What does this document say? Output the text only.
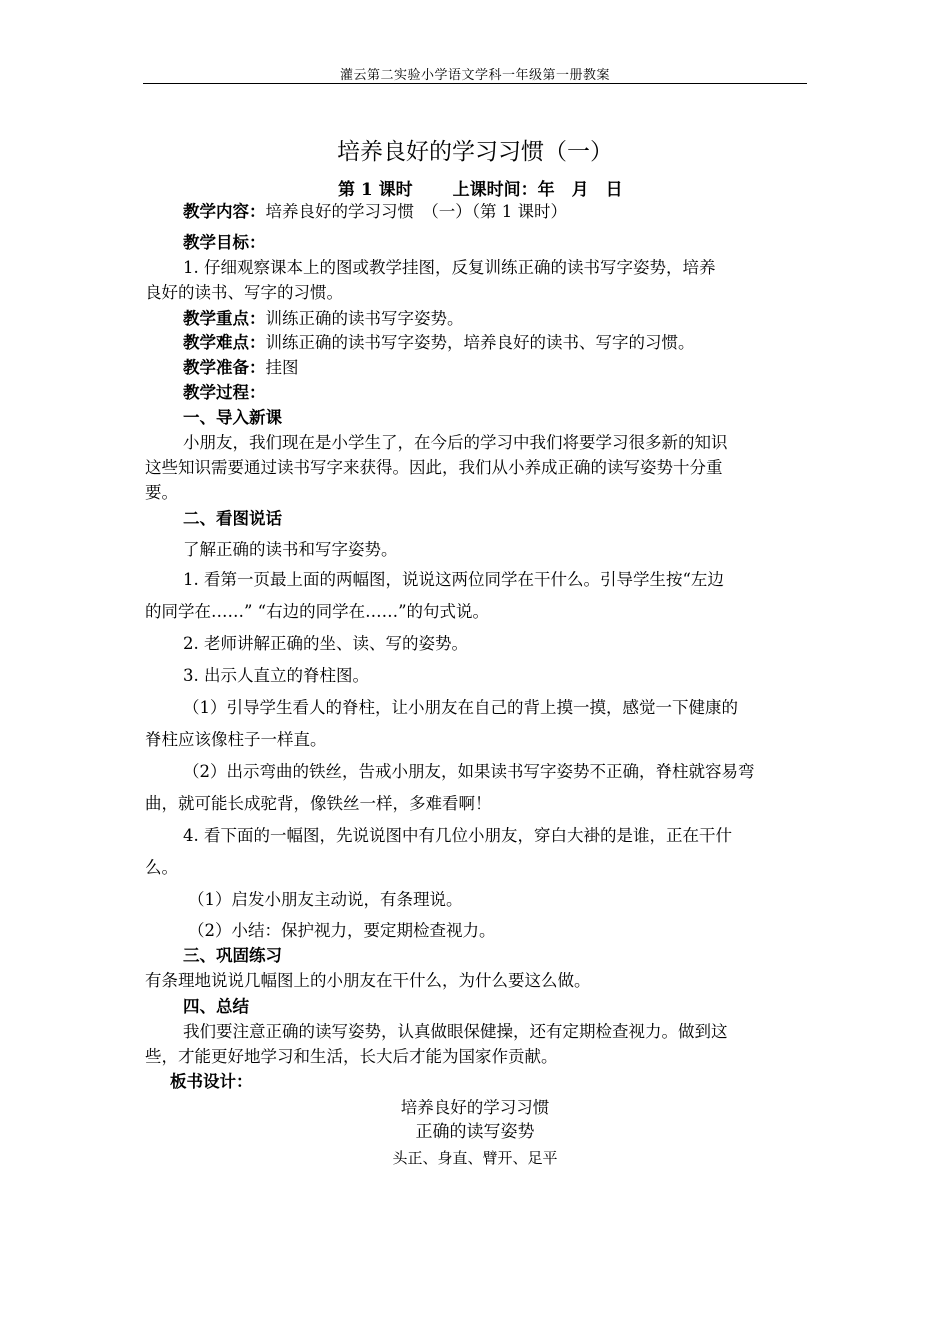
灌云第二实验小学语文学科一年级第一册教案
培养良好的学习习惯（一）
第 1 课时　　 上课时间：年　月　日
教学内容：培养良好的学习习惯　（一）（第 1 课时）
教学目标：
1. 仔细观察课本上的图或教学挂图，反复训练正确的读书写字姿势，培养
良好的读书、写字的习惯。
教学重点：训练正确的读书写字姿势。
教学难点：训练正确的读书写字姿势，培养良好的读书、写字的习惯。
教学准备：挂图
教学过程：
一、导入新课
小朋友，我们现在是小学生了，在今后的学习中我们将要学习很多新的知识
这些知识需要通过读书写字来获得。因此，我们从小养成正确的读写姿势十分重
要。
二、看图说话
了解正确的读书和写字姿势。
1. 看第一页最上面的两幅图，说说这两位同学在干什么。引导学生按“左边
的同学在……” “右边的同学在……”的句式说。
2. 老师讲解正确的坐、读、写的姿势。
3. 出示人直立的脊柱图。
（1）引导学生看人的脊柱，让小朋友在自己的背上摸一摸，感觉一下健康的
脊柱应该像柱子一样直。
（2）出示弯曲的铁丝，告戒小朋友，如果读书写字姿势不正确，脊柱就容易弯
曲，就可能长成驼背，像铁丝一样，多难看啊！
4. 看下面的一幅图，先说说图中有几位小朋友，穿白大褂的是谁，正在干什
么。
（1）启发小朋友主动说，有条理说。
（2）小结：保护视力，要定期检查视力。
三、巩固练习
有条理地说说几幅图上的小朋友在干什么，为什么要这么做。
四、总结
我们要注意正确的读写姿势，认真做眼保健操，还有定期检查视力。做到这
些，才能更好地学习和生活，长大后才能为国家作贡献。
板书设计：
培养良好的学习习惯
正确的读写姿势
头正、身直、臂开、足平
